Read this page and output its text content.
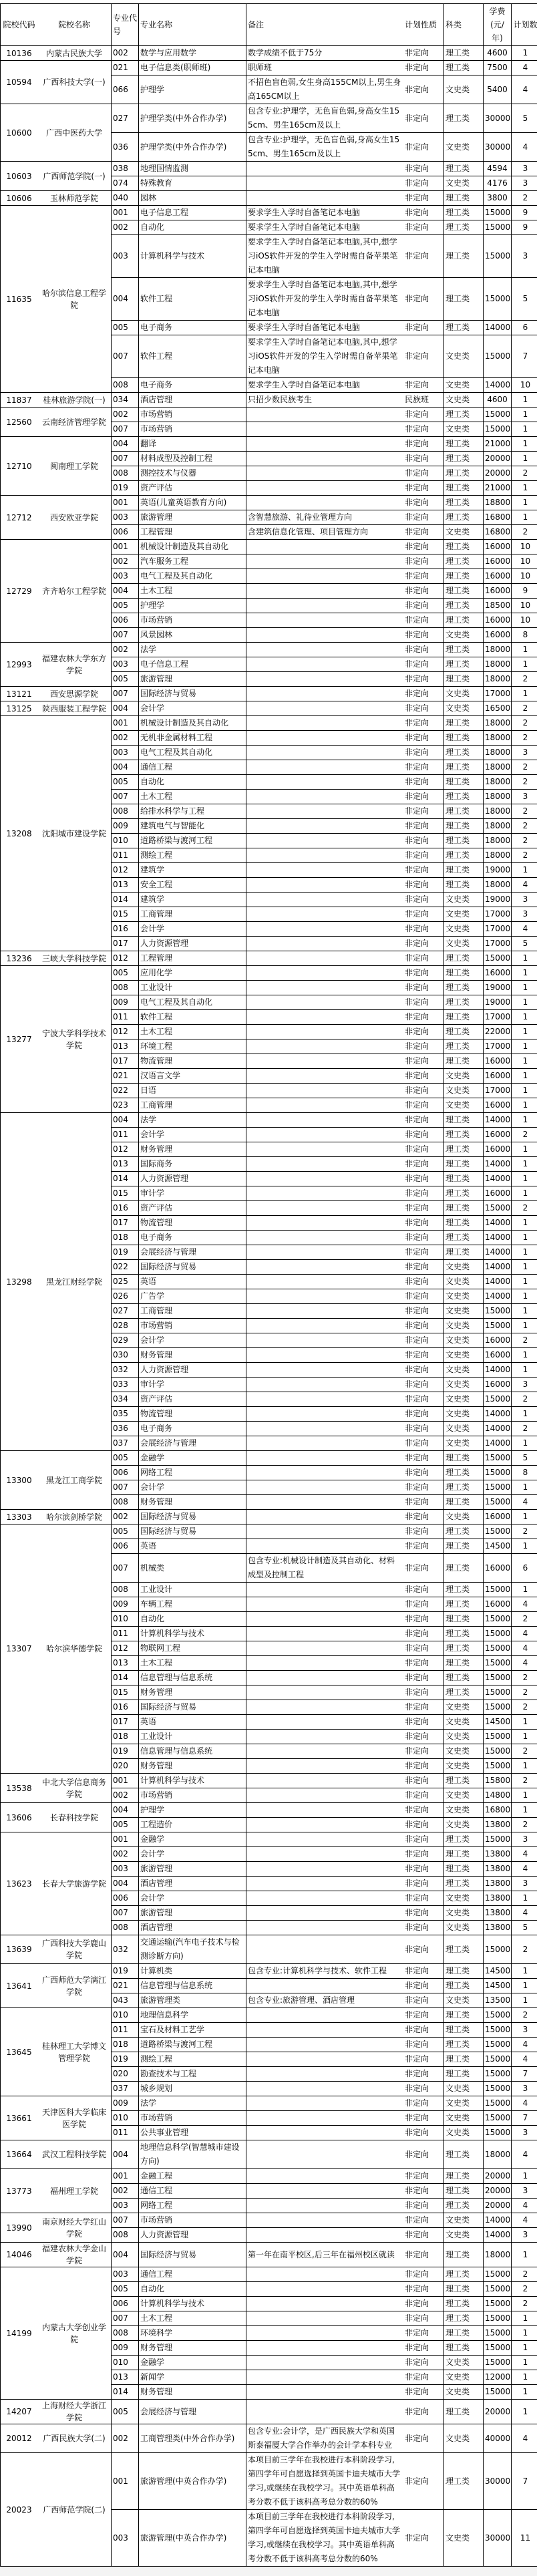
院校代码	院校名称	专业代号	专业名称	备注	计划性质	科类	学费(元/年)	计划数
10136	内蒙古民族大学	002	数学与应用数学	数学成绩不低于75分	非定向	理工类	4600	1
10594	广西科技大学(一)	021	电子信息类(职师班)	职师班	非定向	理工类	7500	4
		066	护理学	不招色盲色弱,女生身高155CM以上,男生身高165CM以上	非定向	文史类	5400	4
10600	广西中医药大学	027	护理学类(中外合作办学)	包含专业:护理学，无色盲色弱,身高女生155cm、男生165cm及以上	非定向	理工类	30000	5
		036	护理学类(中外合作办学)	包含专业:护理学，无色盲色弱,身高女生155cm、男生165cm及以上	非定向	文史类	30000	4
10603	广西师范学院(一)	038	地理国情监测		非定向	理工类	4594	3
		074	特殊教育		非定向	文史类	4176	3
10606	玉林师范学院	040	园林		非定向	理工类	3800	2
11635	哈尔滨信息工程学院	001	电子信息工程	要求学生入学时自备笔记本电脑	非定向	理工类	15000	9
		002	自动化	要求学生入学时自备笔记本电脑	非定向	理工类	15000	9
		003	计算机科学与技术	要求学生入学时自备笔记本电脑,其中,想学习iOS软件开发的学生入学时需自备苹果笔记本电脑	非定向	理工类	15000	3
		004	软件工程	要求学生入学时自备笔记本电脑,其中,想学习iOS软件开发的学生入学时需自备苹果笔记本电脑	非定向	理工类	15000	5
		005	电子商务	要求学生入学时自备笔记本电脑	非定向	理工类	14000	6
		007	软件工程	要求学生入学时自备笔记本电脑,其中,想学习iOS软件开发的学生入学时需自备苹果笔记本电脑	非定向	文史类	15000	7
		008	电子商务	要求学生入学时自备笔记本电脑	非定向	文史类	14000	10
11837	桂林旅游学院(一)	034	酒店管理	只招少数民族考生	民族班	文史类	4600	1
12560	云南经济管理学院	002	市场营销		非定向	理工类	15000	1
		007	市场营销		非定向	文史类	15000	1
12710	闽南理工学院	004	翻译		非定向	理工类	21000	1
		007	材料成型及控制工程		非定向	理工类	20000	1
		008	测控技术与仪器		非定向	理工类	20000	2
		019	资产评估		非定向	理工类	21000	1
12712	西安欧亚学院	001	英语(儿童英语教育方向)		非定向	理工类	18800	1
		003	旅游管理	含智慧旅游、礼待业管理方向	非定向	理工类	16800	1
		006	工程管理	含建筑信息化管理、项目管理方向	非定向	文史类	16800	2
12729	齐齐哈尔工程学院	001	机械设计制造及其自动化		非定向	理工类	16000	10
		002	汽车服务工程		非定向	理工类	16000	10
		003	电气工程及其自动化		非定向	理工类	16000	10
		004	土木工程		非定向	理工类	16000	9
		005	护理学		非定向	理工类	18500	10
		006	市场营销		非定向	理工类	16000	10
		007	风景园林		非定向	文史类	16000	8
12993	福建农林大学东方学院	002	法学		非定向	理工类	18000	1
		003	电子信息工程		非定向	理工类	18000	1
		005	旅游管理		非定向	理工类	18000	2
13121	西安思源学院	007	国际经济与贸易		非定向	文史类	17000	1
13125	陕西服装工程学院	004	会计学		非定向	文史类	16500	2
13208	沈阳城市建设学院	001	机械设计制造及其自动化		非定向	理工类	18000	2
		002	无机非金属材料工程		非定向	理工类	18000	2
		003	电气工程及其自动化		非定向	理工类	18000	3
		004	通信工程		非定向	理工类	18000	2
		005	自动化		非定向	理工类	18000	2
		007	土木工程		非定向	理工类	18000	3
		008	给排水科学与工程		非定向	理工类	18000	2
		009	建筑电气与智能化		非定向	理工类	18000	2
		010	道路桥梁与渡河工程		非定向	理工类	18000	2
		011	测绘工程		非定向	理工类	18000	2
		012	建筑学		非定向	理工类	19000	1
		013	安全工程		非定向	理工类	18000	4
		014	建筑学		非定向	文史类	19000	3
		015	工商管理		非定向	文史类	17000	3
		016	会计学		非定向	文史类	17000	4
		017	人力资源管理		非定向	文史类	17000	5
13236	三峡大学科技学院	012	工程管理		非定向	理工类	15000	1
13277	宁波大学科学技术学院	005	应用化学		非定向	理工类	16000	1
		008	工业设计		非定向	理工类	19000	1
		009	电气工程及其自动化		非定向	理工类	19000	1
		011	软件工程		非定向	理工类	17000	1
		012	土木工程		非定向	理工类	22000	1
		013	环境工程		非定向	理工类	17000	1
		017	物流管理		非定向	理工类	16000	1
		021	汉语言文学		非定向	文史类	16000	1
		022	日语		非定向	文史类	17000	1
		023	工商管理		非定向	文史类	16000	1
13298	黑龙江财经学院	004	法学		非定向	理工类	14000	1
		011	会计学		非定向	理工类	16000	2
		012	财务管理		非定向	理工类	16000	1
		013	国际商务		非定向	理工类	14000	1
		014	人力资源管理		非定向	理工类	14000	1
		015	审计学		非定向	理工类	16000	1
		016	资产评估		非定向	理工类	15000	2
		017	物流管理		非定向	理工类	14000	1
		018	电子商务		非定向	理工类	14000	1
		019	会展经济与管理		非定向	理工类	14000	1
		022	国际经济与贸易		非定向	文史类	14000	1
		025	英语		非定向	文史类	14000	1
		026	广告学		非定向	文史类	14000	1
		027	工商管理		非定向	文史类	15000	1
		028	市场营销		非定向	文史类	15000	1
		029	会计学		非定向	文史类	16000	2
		030	财务管理		非定向	文史类	16000	1
		032	人力资源管理		非定向	文史类	14000	1
		033	审计学		非定向	文史类	16000	3
		034	资产评估		非定向	文史类	15000	2
		035	物流管理		非定向	文史类	14000	1
		036	电子商务		非定向	文史类	14000	2
		037	会展经济与管理		非定向	文史类	14000	1
13300	黑龙江工商学院	005	金融学		非定向	理工类	15000	5
		006	网络工程		非定向	理工类	15000	8
		007	会计学		非定向	理工类	15000	1
		008	财务管理		非定向	理工类	15000	4
13303	哈尔滨剑桥学院	002	国际经济与贸易		非定向	文史类	16000	1
13307	哈尔滨华德学院	005	国际经济与贸易		非定向	理工类	15000	2
		006	英语		非定向	理工类	14500	1
		007	机械类	包含专业:机械设计制造及其自动化、材料成型及控制工程	非定向	理工类	16000	6
		008	工业设计		非定向	理工类	15000	1
		009	车辆工程		非定向	理工类	16000	4
		010	自动化		非定向	理工类	15000	2
		011	计算机科学与技术		非定向	理工类	15000	4
		012	物联网工程		非定向	理工类	15000	4
		013	土木工程		非定向	理工类	15000	4
		014	信息管理与信息系统		非定向	理工类	15000	2
		015	财务管理		非定向	理工类	15000	2
		016	国际经济与贸易		非定向	文史类	15000	2
		017	英语		非定向	文史类	14500	1
		018	工业设计		非定向	文史类	15000	1
		019	信息管理与信息系统		非定向	文史类	15000	2
		020	财务管理		非定向	文史类	15000	1
13538	中北大学信息商务学院	001	计算机科学与技术		非定向	理工类	15800	2
		002	市场营销		非定向	文史类	14800	1
13606	长春科技学院	004	护理学		非定向	文史类	16800	1
		005	工程造价		非定向	文史类	13800	2
13623	长春大学旅游学院	001	金融学		非定向	理工类	15000	3
		002	会计学		非定向	理工类	13800	4
		003	旅游管理		非定向	理工类	13800	4
		004	酒店管理		非定向	理工类	13800	3
		006	会计学		非定向	文史类	13800	1
		007	旅游管理		非定向	文史类	13800	4
		008	酒店管理		非定向	文史类	13800	5
13639	广西科技大学鹿山学院	032	交通运输(汽车电子技术与检测诊断方向)		非定向	理工类	15000	2
13641	广西师范大学漓江学院	019	计算机类	包含专业:计算机科学与技术、软件工程	非定向	理工类	14500	1
		021	信息管理与信息系统		非定向	理工类	14500	1
		043	旅游管理类	包含专业:旅游管理、酒店管理	非定向	文史类	13500	1
13645	桂林理工大学博文管理学院	010	地理信息科学		非定向	理工类	15000	2
		011	宝石及材料工艺学		非定向	理工类	15000	3
		018	道路桥梁与渡河工程		非定向	理工类	15000	4
		019	测绘工程		非定向	理工类	15000	4
		020	勘查技术与工程		非定向	理工类	15000	7
		037	城乡规划		非定向	文史类	15000	3
13661	天津医科大学临床医学院	009	法学		非定向	文史类	15000	4
		010	市场营销		非定向	文史类	15000	7
		011	公共事业管理		非定向	文史类	15000	3
13664	武汉工程科技学院	004	地理信息科学(智慧城市建设方向)		非定向	理工类	18000	4
13773	福州理工学院	001	金融工程		非定向	理工类	20000	1
		002	通信工程		非定向	理工类	20000	3
		003	网络工程		非定向	理工类	20000	4
13990	南京财经大学红山学院	007	市场营销		非定向	文史类	14000	4
		008	人力资源管理		非定向	文史类	14000	3
14046	福建农林大学金山学院	004	国际经济与贸易	第一年在南平校区,后三年在福州校区就读	非定向	理工类	18000	1
14199	内蒙古大学创业学院	003	通信工程		非定向	理工类	15000	2
		005	自动化		非定向	理工类	15000	2
		006	计算机科学与技术		非定向	理工类	15000	2
		007	土木工程		非定向	理工类	15000	1
		008	环境科学		非定向	理工类	15000	1
		009	财务管理		非定向	理工类	15000	1
		010	金融学		非定向	文史类	15000	1
		013	新闻学		非定向	文史类	12000	1
		014	财务管理		非定向	文史类	15000	1
14207	上海财经大学浙江学院	005	会展经济与管理		非定向	理工类	20000	1
20012	广西民族大学(二)	002	工商管理类(中外合作办学)	包含专业:会计学，是广西民族大学和英国斯泰福厦大学合作举办的会计学本科专业	非定向	文史类	40000	4
20023	广西师范学院(二)	001	旅游管理(中英合作办学)	本项目前三学年在我校进行本科阶段学习,第四学年可自愿选择到英国卡迪夫城市大学学习,或继续在我校学习。其中英语单科高考分数不低于该科高考总分数的60%	非定向	理工类	30000	7
		003	旅游管理(中英合作办学)	本项目前三学年在我校进行本科阶段学习,第四学年可自愿选择到英国卡迪夫城市大学学习,或继续在我校学习。其中英语单科高考分数不低于该科高考总分数的60%	非定向	文史类	30000	11
